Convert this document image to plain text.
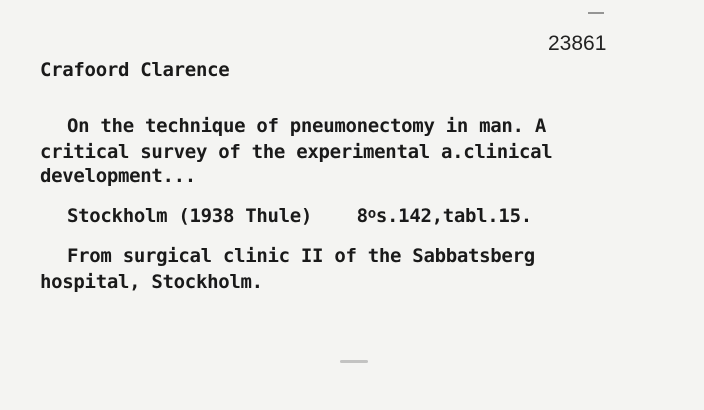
23861
Crafoord Clarence
On the technique of pneumonectomy in man. A
critical survey of the experimental a.clinical
development...
Stockholm (1938 Thule) 8$^o$s.142,tabl.15.
From surgical clinic II of the Sabbatsberg
hospital, Stockholm.
